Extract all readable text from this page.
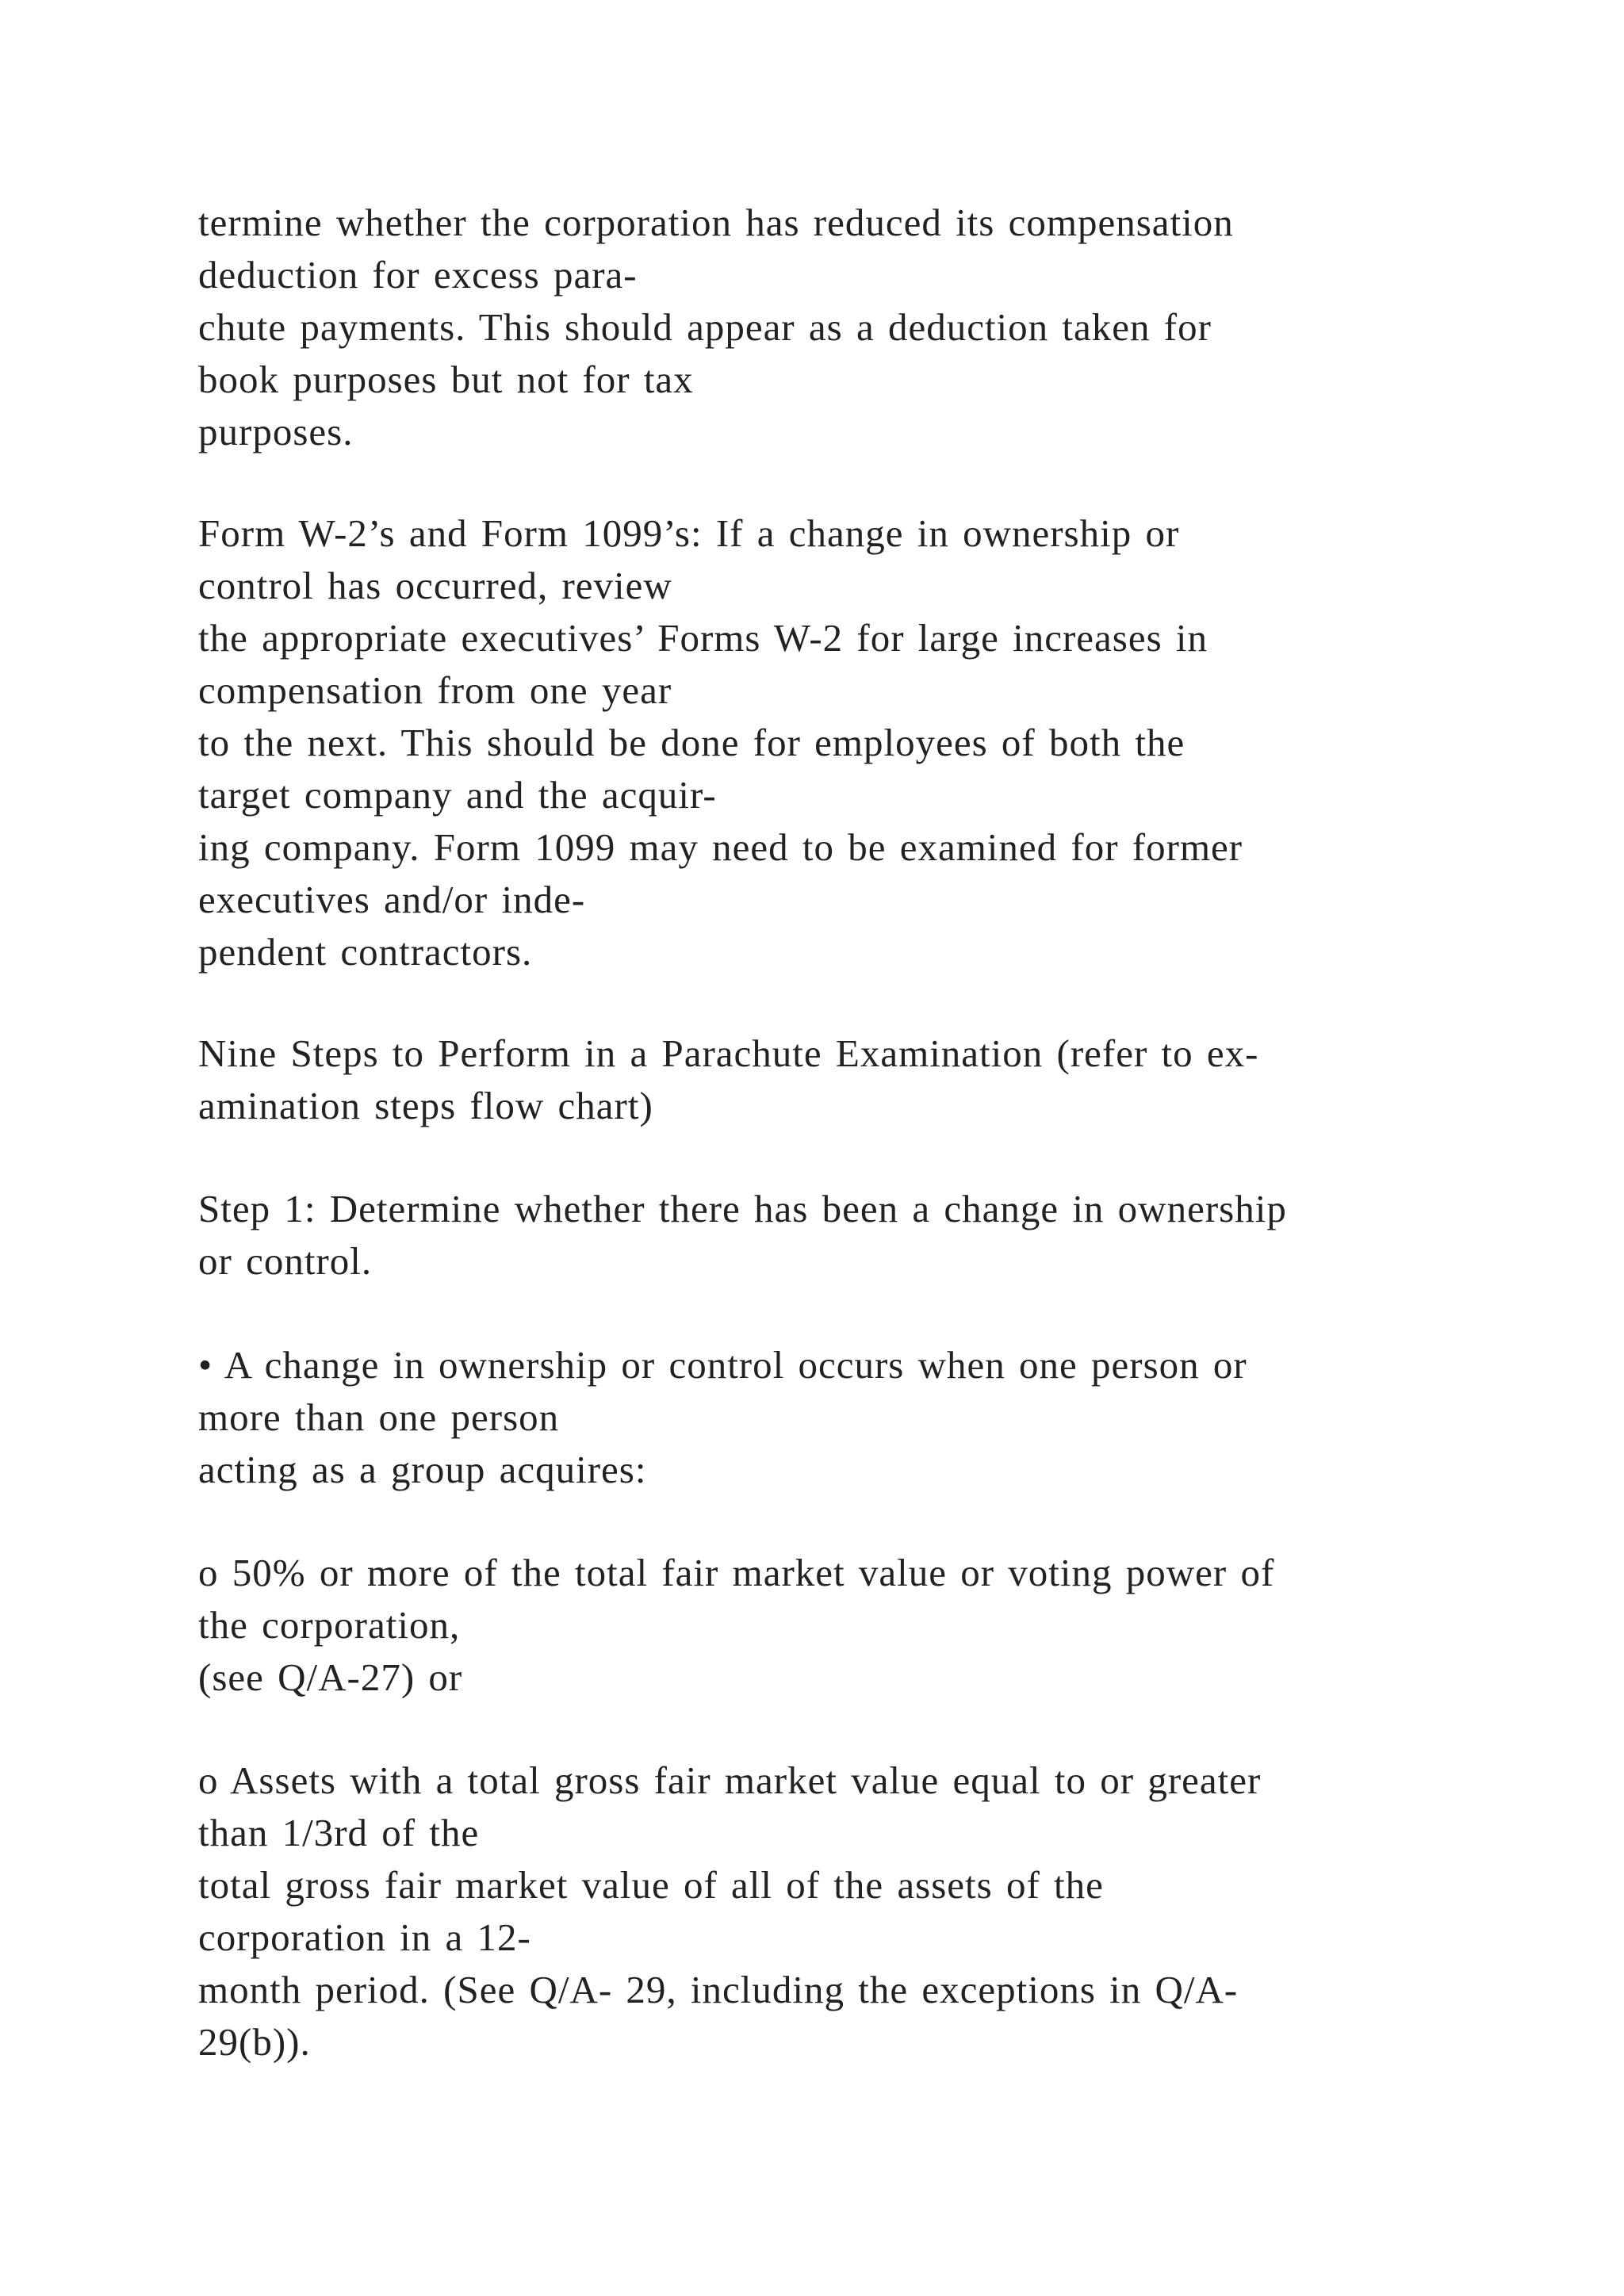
termine whether the corporation has reduced its compensation
deduction for excess para-
chute payments. This should appear as a deduction taken for
book purposes but not for tax
purposes.
Form W-2’s and Form 1099’s: If a change in ownership or
control has occurred, review
the appropriate executives’ Forms W-2 for large increases in
compensation from one year
to the next. This should be done for employees of both the
target company and the acquir-
ing company. Form 1099 may need to be examined for former
executives and/or inde-
pendent contractors.
Nine Steps to Perform in a Parachute Examination (refer to ex-
amination steps flow chart)
Step 1: Determine whether there has been a change in ownership
or control.
• A change in ownership or control occurs when one person or
more than one person
acting as a group acquires:
o 50% or more of the total fair market value or voting power of
the corporation,
(see Q/A-27) or
o Assets with a total gross fair market value equal to or greater
than 1/3rd of the
total gross fair market value of all of the assets of the
corporation in a 12-
month period. (See Q/A- 29, including the exceptions in Q/A-
29(b)).
